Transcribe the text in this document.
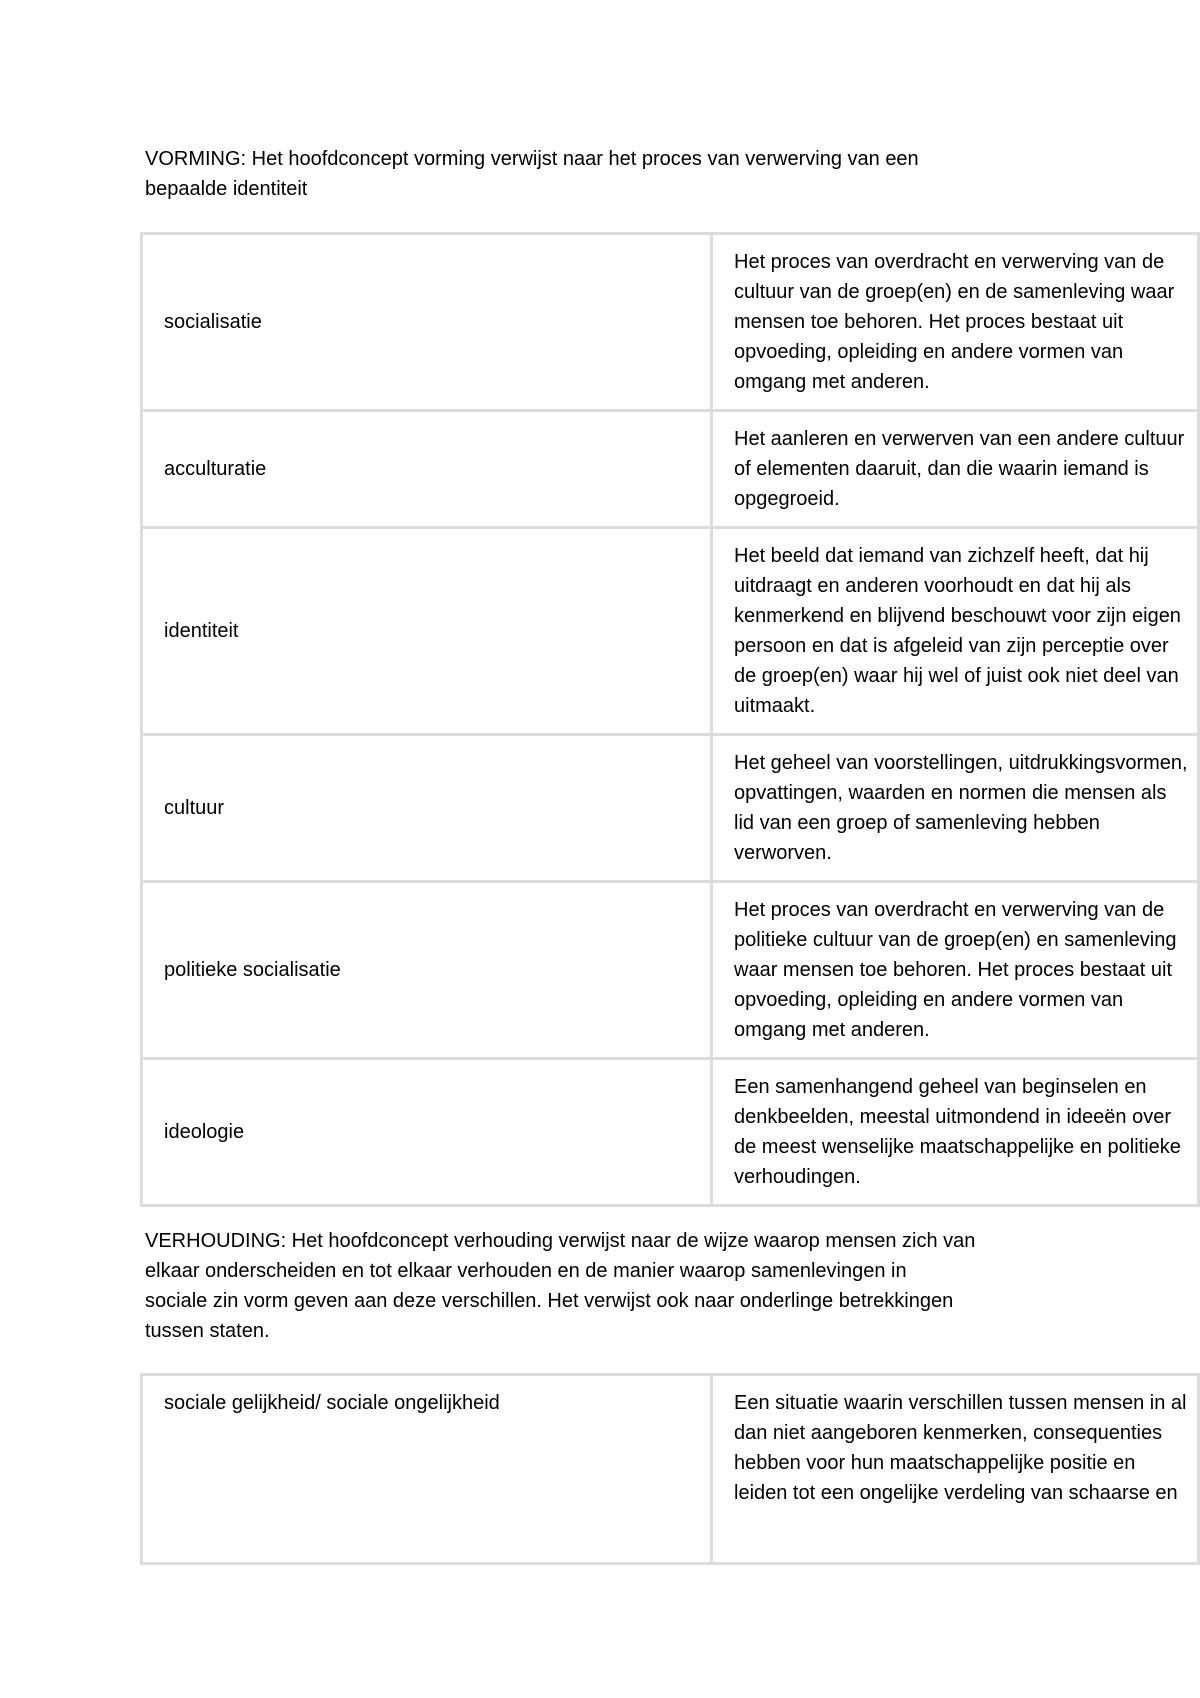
VORMING: Het hoofdconcept vorming verwijst naar het proces van verwerving van een
bepaalde identiteit

socialisatie	Het proces van overdracht en verwerving van de cultuur van de groep(en) en de samenleving waar mensen toe behoren. Het proces bestaat uit opvoeding, opleiding en andere vormen van omgang met anderen.
acculturatie	Het aanleren en verwerven van een andere cultuur of elementen daaruit, dan die waarin iemand is opgegroeid.
identiteit	Het beeld dat iemand van zichzelf heeft, dat hij uitdraagt en anderen voorhoudt en dat hij als kenmerkend en blijvend beschouwt voor zijn eigen persoon en dat is afgeleid van zijn perceptie over de groep(en) waar hij wel of juist ook niet deel van uitmaakt.
cultuur	Het geheel van voorstellingen, uitdrukkingsvormen, opvattingen, waarden en normen die mensen als lid van een groep of samenleving hebben verworven.
politieke socialisatie	Het proces van overdracht en verwerving van de politieke cultuur van de groep(en) en samenleving waar mensen toe behoren. Het proces bestaat uit opvoeding, opleiding en andere vormen van omgang met anderen.
ideologie	Een samenhangend geheel van beginselen en denkbeelden, meestal uitmondend in ideeën over de meest wenselijke maatschappelijke en politieke verhoudingen.

VERHOUDING: Het hoofdconcept verhouding verwijst naar de wijze waarop mensen zich van
elkaar onderscheiden en tot elkaar verhouden en de manier waarop samenlevingen in
sociale zin vorm geven aan deze verschillen. Het verwijst ook naar onderlinge betrekkingen
tussen staten.

sociale gelijkheid/ sociale ongelijkheid	Een situatie waarin verschillen tussen mensen in al dan niet aangeboren kenmerken, consequenties hebben voor hun maatschappelijke positie en leiden tot een ongelijke verdeling van schaarse en
